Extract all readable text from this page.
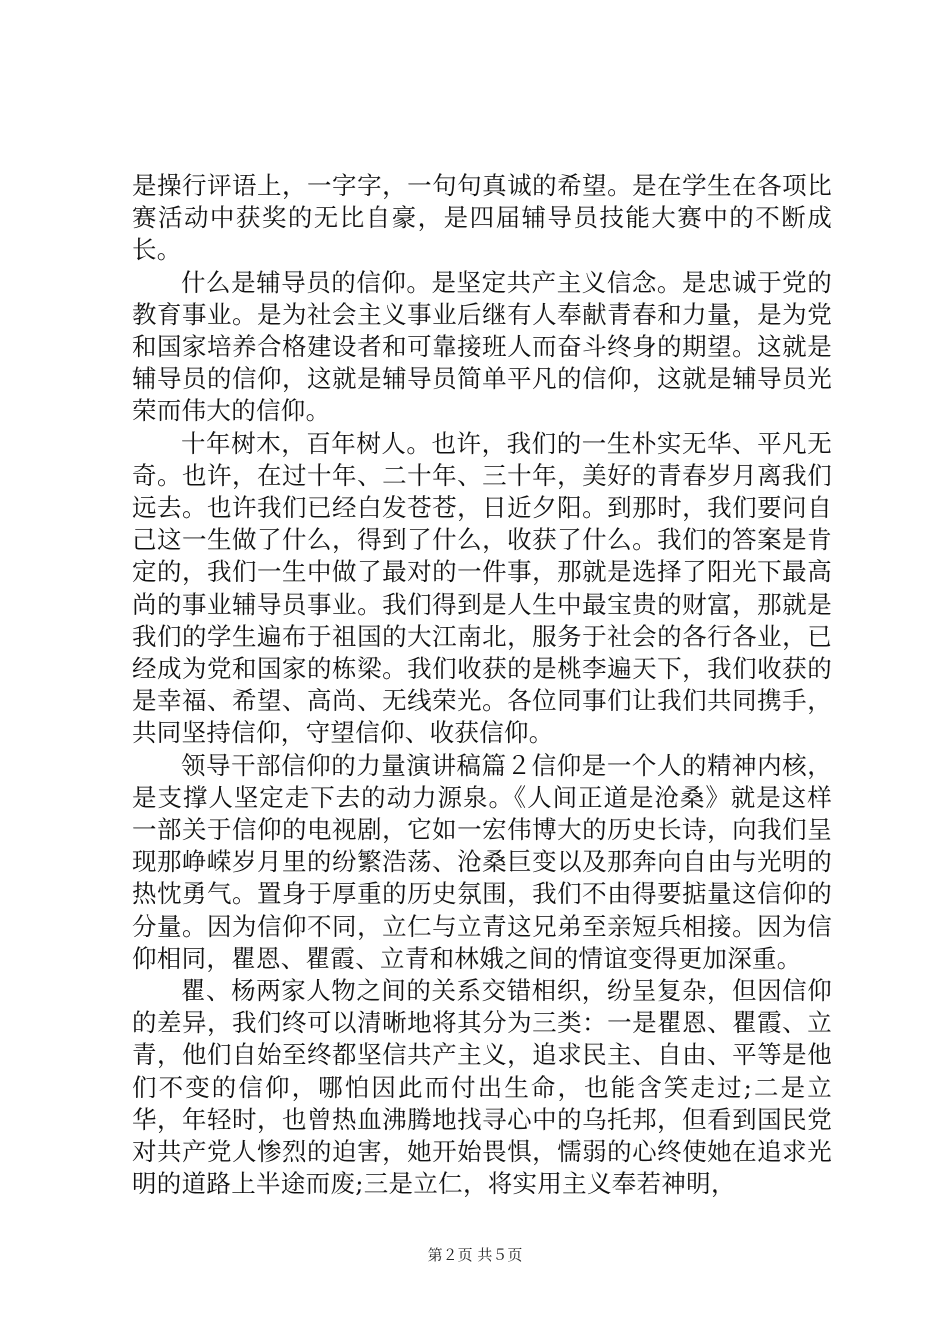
是操行评语上，一字字，一句句真诚的希望。是在学生在各项比赛活动中获奖的无比自豪，是四届辅导员技能大赛中的不断成长。

什么是辅导员的信仰。是坚定共产主义信念。是忠诚于党的教育事业。是为社会主义事业后继有人奉献青春和力量，是为党和国家培养合格建设者和可靠接班人而奋斗终身的期望。这就是辅导员的信仰，这就是辅导员简单平凡的信仰，这就是辅导员光荣而伟大的信仰。

十年树木，百年树人。也许，我们的一生朴实无华、平凡无奇。也许，在过十年、二十年、三十年，美好的青春岁月离我们远去。也许我们已经白发苍苍，日近夕阳。到那时，我们要问自己这一生做了什么，得到了什么，收获了什么。我们的答案是肯定的，我们一生中做了最对的一件事，那就是选择了阳光下最高尚的事业辅导员事业。我们得到是人生中最宝贵的财富，那就是我们的学生遍布于祖国的大江南北，服务于社会的各行各业，已经成为党和国家的栋梁。我们收获的是桃李遍天下，我们收获的是幸福、希望、高尚、无线荣光。各位同事们让我们共同携手，共同坚持信仰，守望信仰、收获信仰。

领导干部信仰的力量演讲稿篇２信仰是一个人的精神内核，是支撑人坚定走下去的动力源泉。《人间正道是沧桑》就是这样一部关于信仰的电视剧，它如一宏伟博大的历史长诗，向我们呈现那峥嵘岁月里的纷繁浩荡、沧桑巨变以及那奔向自由与光明的热忱勇气。置身于厚重的历史氛围，我们不由得要掂量这信仰的分量。因为信仰不同，立仁与立青这兄弟至亲短兵相接。因为信仰相同，瞿恩、瞿霞、立青和林娥之间的情谊变得更加深重。

瞿、杨两家人物之间的关系交错相织，纷呈复杂，但因信仰的差异，我们终可以清晰地将其分为三类：一是瞿恩、瞿霞、立青，他们自始至终都坚信共产主义，追求民主、自由、平等是他们不变的信仰，哪怕因此而付出生命，也能含笑走过;二是立华，年轻时，也曾热血沸腾地找寻心中的乌托邦，但看到国民党对共产党人惨烈的迫害，她开始畏惧，懦弱的心终使她在追求光明的道路上半途而废;三是立仁，将实用主义奉若神明，

第２页 共５页
